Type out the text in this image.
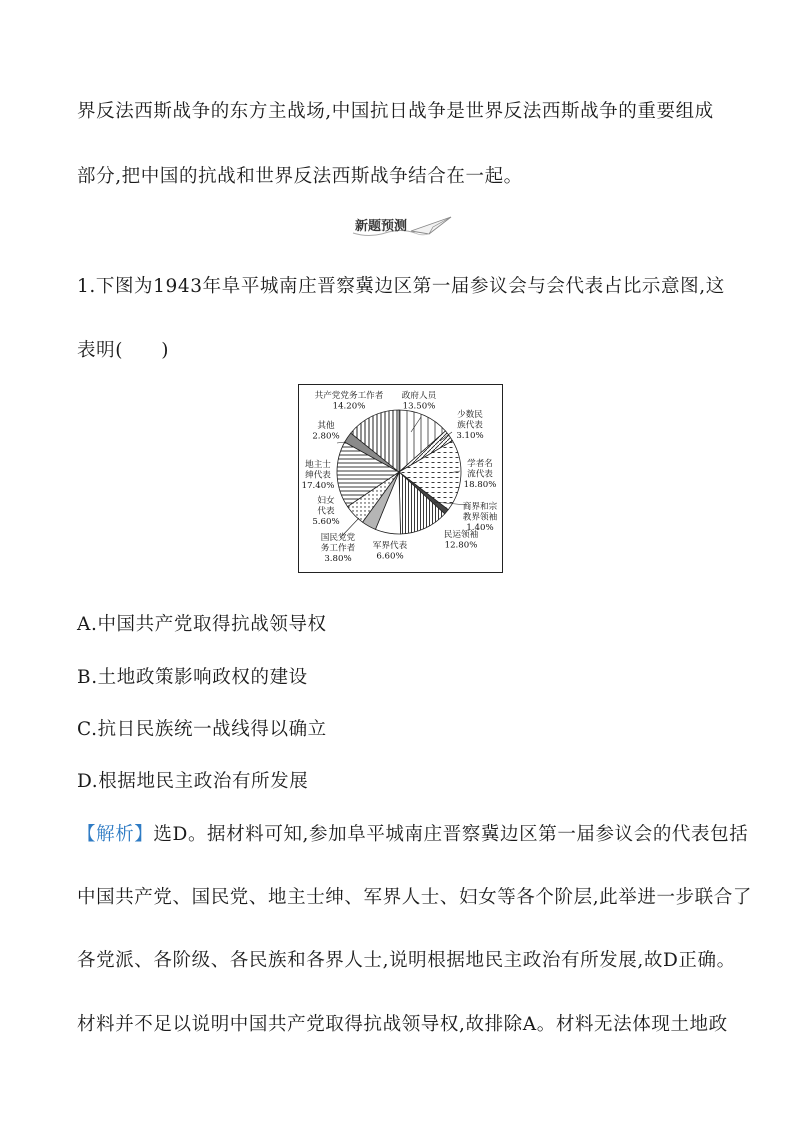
界反法西斯战争的东方主战场,中国抗日战争是世界反法西斯战争的重要组成
部分,把中国的抗战和世界反法西斯战争结合在一起。
新题预测
1.下图为1943年阜平城南庄晋察冀边区第一届参议会与会代表占比示意图,这
表明(　　)
政府人员
13.50%
少数民
族代表
3.10%
学者名
流代表
18.80%
商界和宗
教界领袖
1.40%
民运领袖
12.80%
军界代表
6.60%
国民党党
务工作者
3.80%
妇女
代表
5.60%
地主士
绅代表
17.40%
其他
2.80%
共产党党务工作者
14.20%
A.中国共产党取得抗战领导权
B.土地政策影响政权的建设
C.抗日民族统一战线得以确立
D.根据地民主政治有所发展
【解析】选D。据材料可知,参加阜平城南庄晋察冀边区第一届参议会的代表包括
中国共产党、国民党、地主士绅、军界人士、妇女等各个阶层,此举进一步联合了
各党派、各阶级、各民族和各界人士,说明根据地民主政治有所发展,故D正确。
材料并不足以说明中国共产党取得抗战领导权,故排除A。材料无法体现土地政
